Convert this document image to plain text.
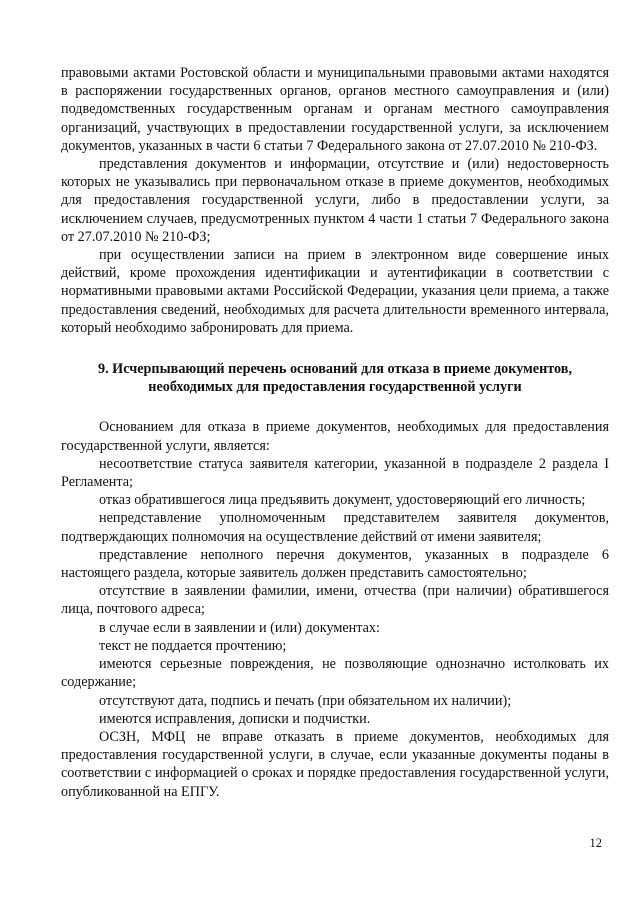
правовыми актами Ростовской области и муниципальными правовыми актами находятся в распоряжении государственных органов, органов местного самоуправления и (или) подведомственных государственным органам и органам местного самоуправления организаций, участвующих в предоставлении государственной услуги, за исключением документов, указанных в части 6 статьи 7 Федерального закона от 27.07.2010 № 210-ФЗ.

представления документов и информации, отсутствие и (или) недостоверность которых не указывались при первоначальном отказе в приеме документов, необходимых для предоставления государственной услуги, либо в предоставлении услуги, за исключением случаев, предусмотренных пунктом 4 части 1 статьи 7 Федерального закона от 27.07.2010 № 210-ФЗ;

при осуществлении записи на прием в электронном виде совершение иных действий, кроме прохождения идентификации и аутентификации в соответствии с нормативными правовыми актами Российской Федерации, указания цели приема, а также предоставления сведений, необходимых для расчета длительности временного интервала, который необходимо забронировать для приема.

9. Исчерпывающий перечень оснований для отказа в приеме документов,
необходимых для предоставления государственной услуги

Основанием для отказа в приеме документов, необходимых для предоставления государственной услуги, является:

несоответствие статуса заявителя категории, указанной в подразделе 2 раздела I Регламента;

отказ обратившегося лица предъявить документ, удостоверяющий его личность;

непредставление уполномоченным представителем заявителя документов, подтверждающих полномочия на осуществление действий от имени заявителя;

представление неполного перечня документов, указанных в подразделе 6 настоящего раздела, которые заявитель должен представить самостоятельно;

отсутствие в заявлении фамилии, имени, отчества (при наличии) обратившегося лица, почтового адреса;

в случае если в заявлении и (или) документах:

текст не поддается прочтению;

имеются серьезные повреждения, не позволяющие однозначно истолковать их содержание;

отсутствуют дата, подпись и печать (при обязательном их наличии);

имеются исправления, дописки и подчистки.

ОСЗН, МФЦ не вправе отказать в приеме документов, необходимых для предоставления государственной услуги, в случае, если указанные документы поданы в соответствии с информацией о сроках и порядке предоставления государственной услуги, опубликованной на ЕПГУ.

12
